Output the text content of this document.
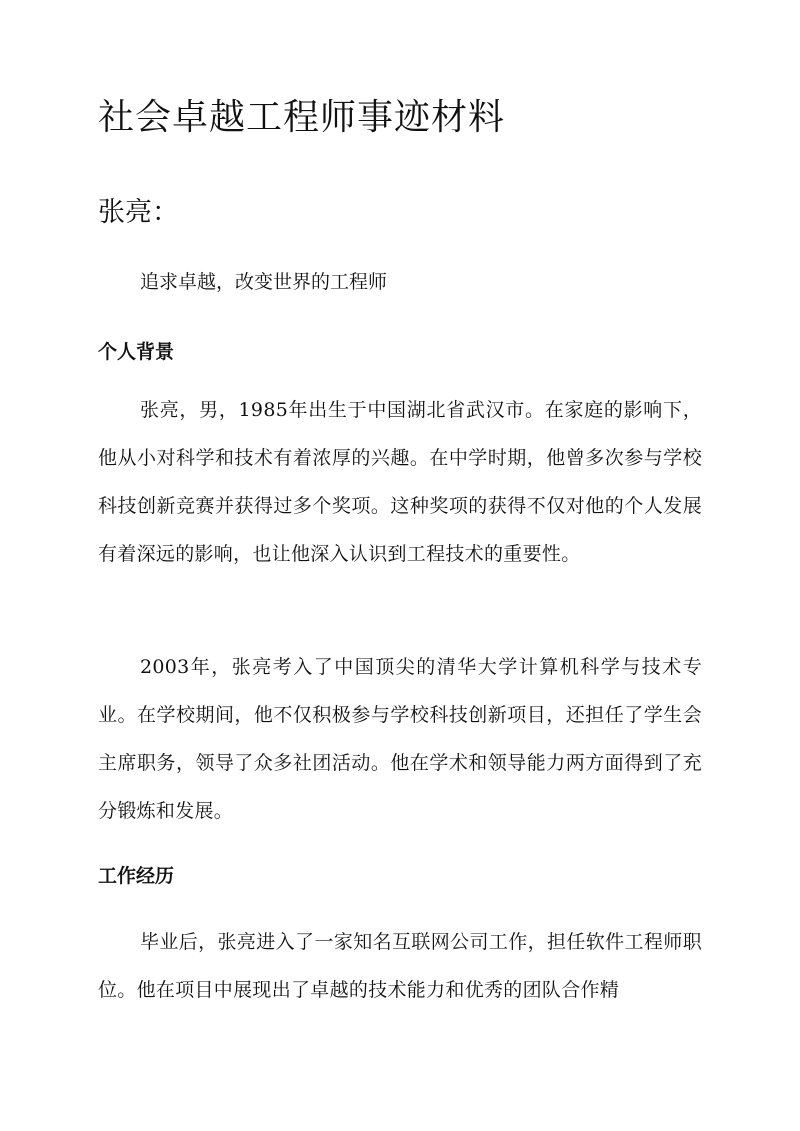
社会卓越工程师事迹材料
张亮：

追求卓越，改变世界的工程师

个人背景

张亮，男，1985年出生于中国湖北省武汉市。在家庭的影响下，他从小对科学和技术有着浓厚的兴趣。在中学时期，他曾多次参与学校科技创新竞赛并获得过多个奖项。这种奖项的获得不仅对他的个人发展有着深远的影响，也让他深入认识到工程技术的重要性。

2003年，张亮考入了中国顶尖的清华大学计算机科学与技术专业。在学校期间，他不仅积极参与学校科技创新项目，还担任了学生会主席职务，领导了众多社团活动。他在学术和领导能力两方面得到了充分锻炼和发展。

工作经历

毕业后，张亮进入了一家知名互联网公司工作，担任软件工程师职位。他在项目中展现出了卓越的技术能力和优秀的团队合作精
